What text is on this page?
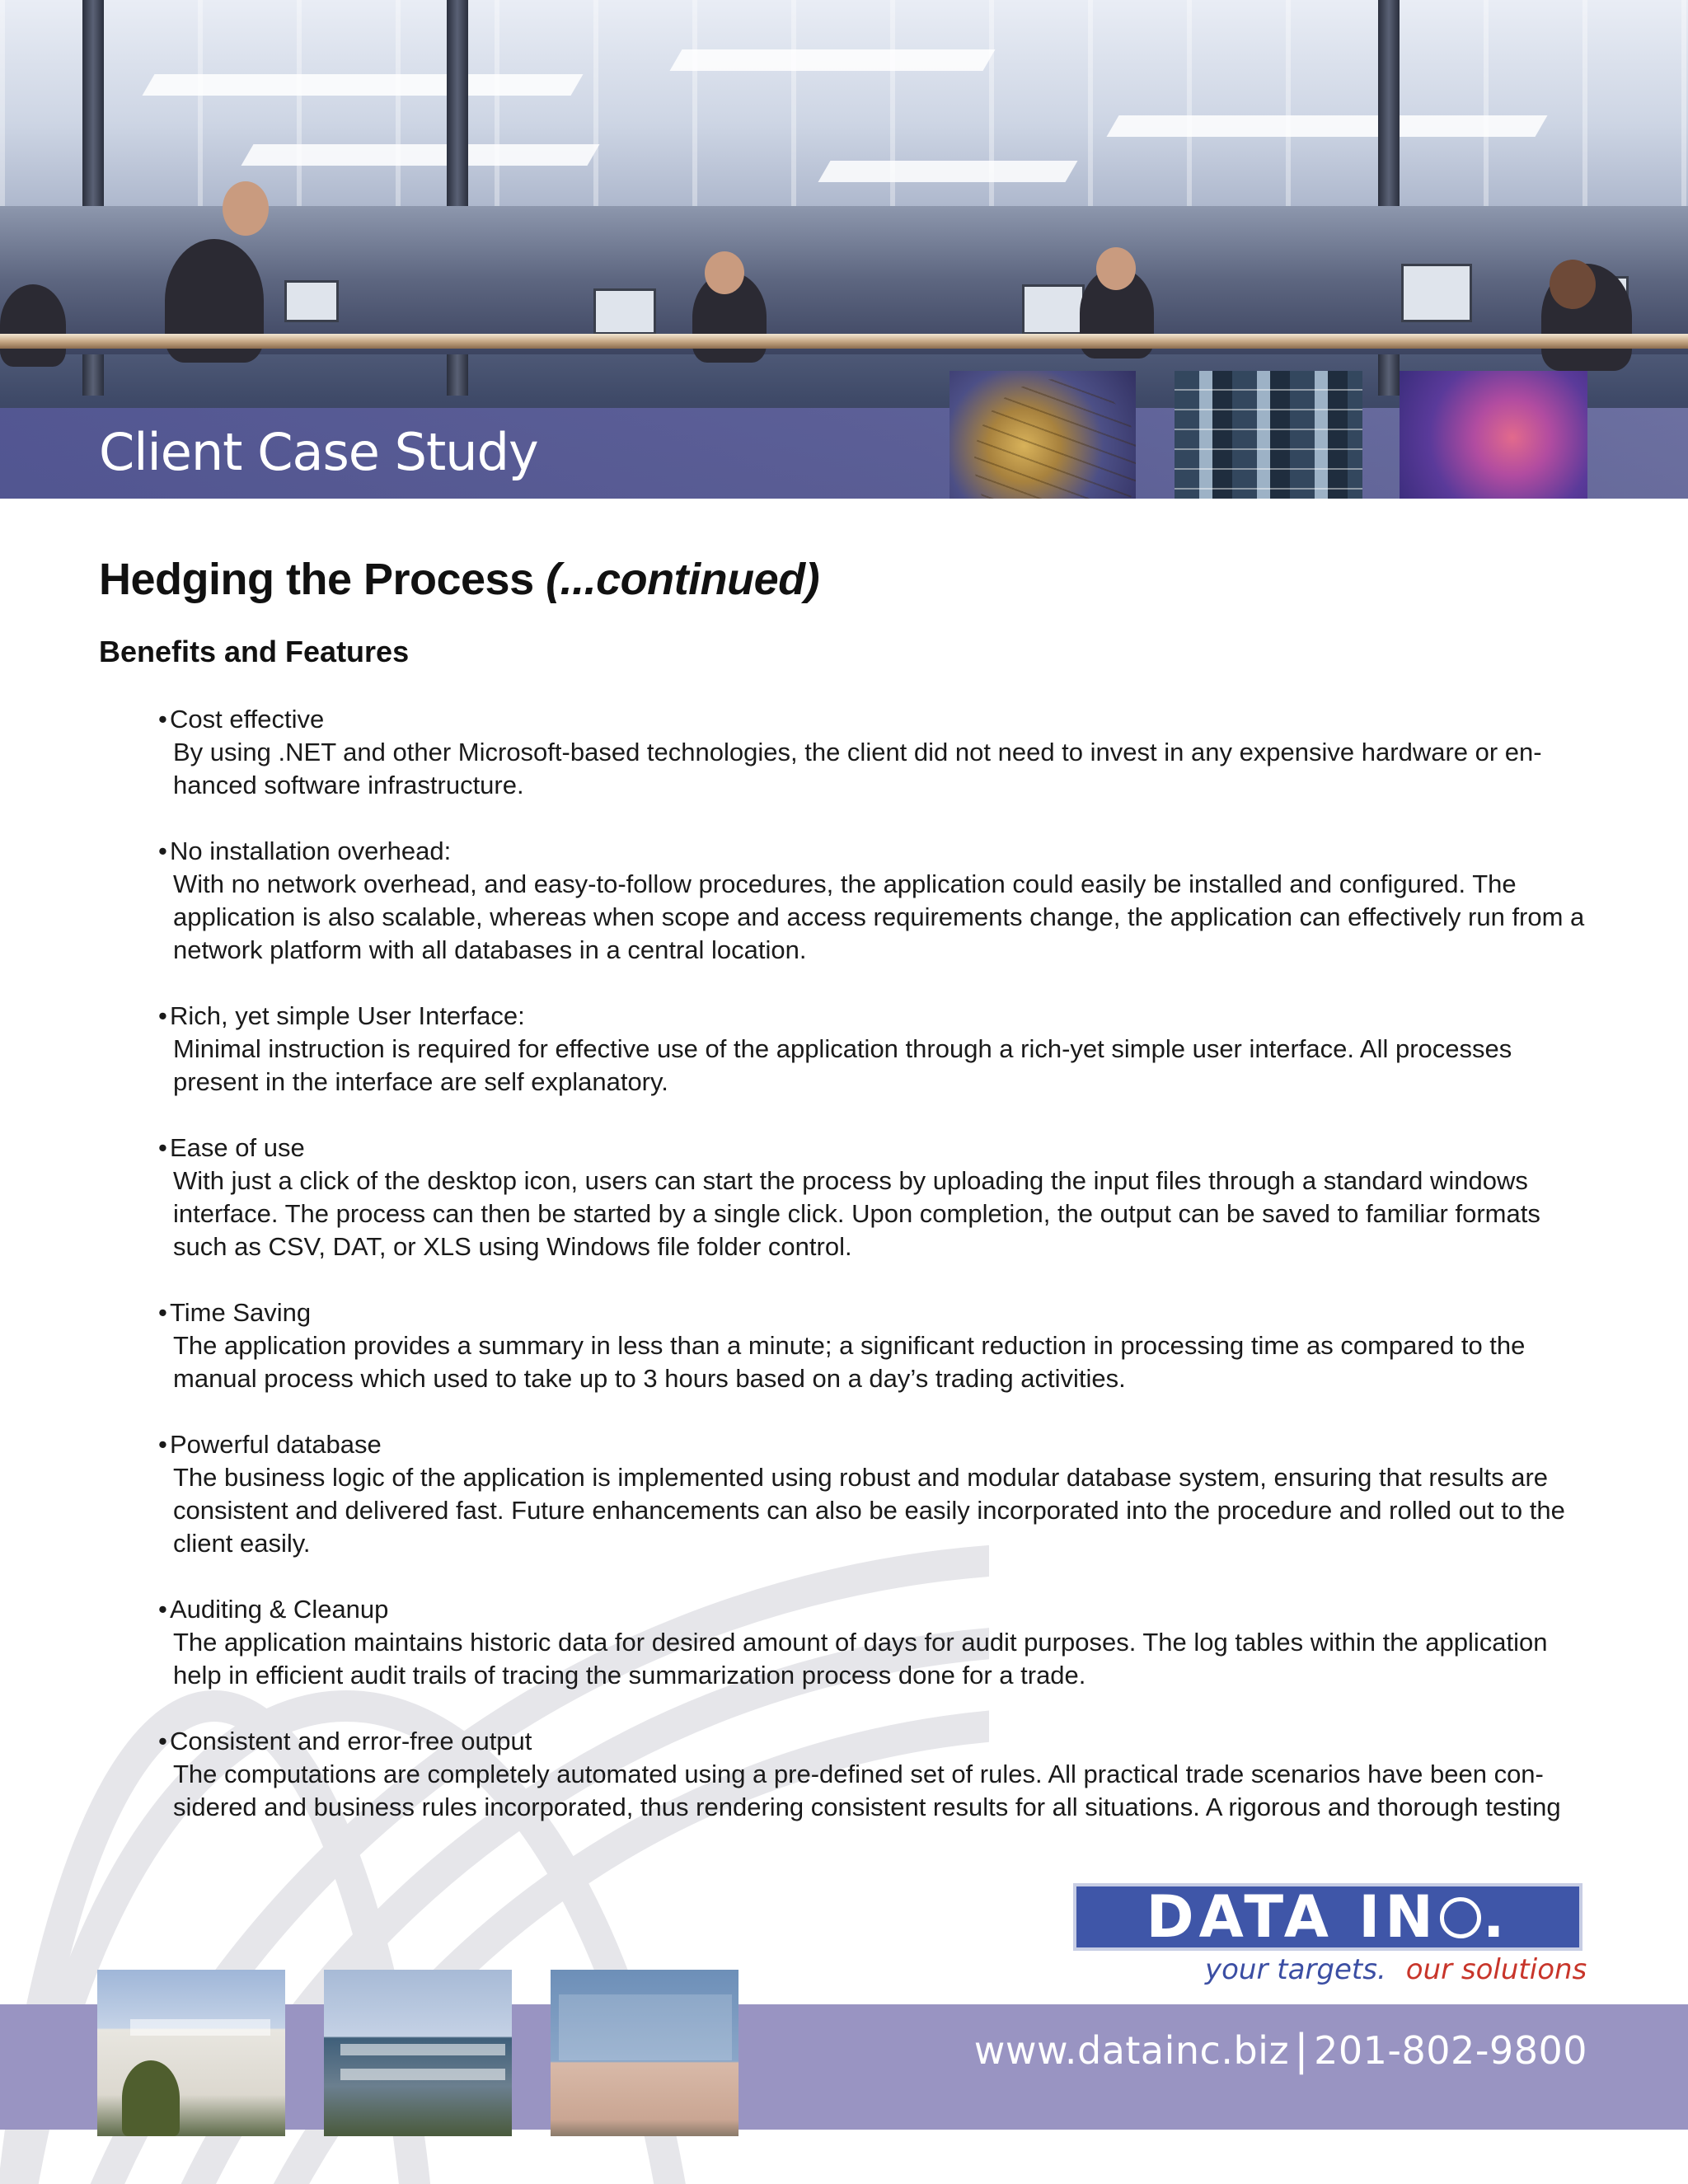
Client Case Study
Hedging the Process (...continued)
Benefits and Features
• Cost effective
By using .NET and other Microsoft-based technologies, the client did not need to invest in any expensive hardware or en-hanced software infrastructure.
• No installation overhead:
With no network overhead, and easy-to-follow procedures, the application could easily be installed and configured. The application is also scalable, whereas when scope and access requirements change, the application can effectively run from a network platform with all databases in a central location.
• Rich, yet simple User Interface:
Minimal instruction is required for effective use of the application through a rich-yet simple user interface. All processes present in the interface are self explanatory.
• Ease of use
With just a click of the desktop icon, users can start the process by uploading the input files through a standard windows interface. The process can then be started by a single click. Upon completion, the output can be saved to familiar formats such as CSV, DAT, or XLS using Windows file folder control.
• Time Saving
The application provides a summary in less than a minute; a significant reduction in processing time as compared to the manual process which used to take up to 3 hours based on a day’s trading activities.
• Powerful database
The business logic of the application is implemented using robust and modular database system, ensuring that results are consistent and delivered fast. Future enhancements can also be easily incorporated into the procedure and rolled out to the client easily.
• Auditing & Cleanup
The application maintains historic data for desired amount of days for audit purposes. The log tables within the application help in efficient audit trails of tracing the summarization process done for a trade.
• Consistent and error-free output
The computations are completely automated using a pre-defined set of rules. All practical trade scenarios have been con-sidered and business rules incorporated, thus rendering consistent results for all situations. A rigorous and thorough testing
DATA IN .
your targets. our solutions
www.datainc.biz | 201-802-9800
